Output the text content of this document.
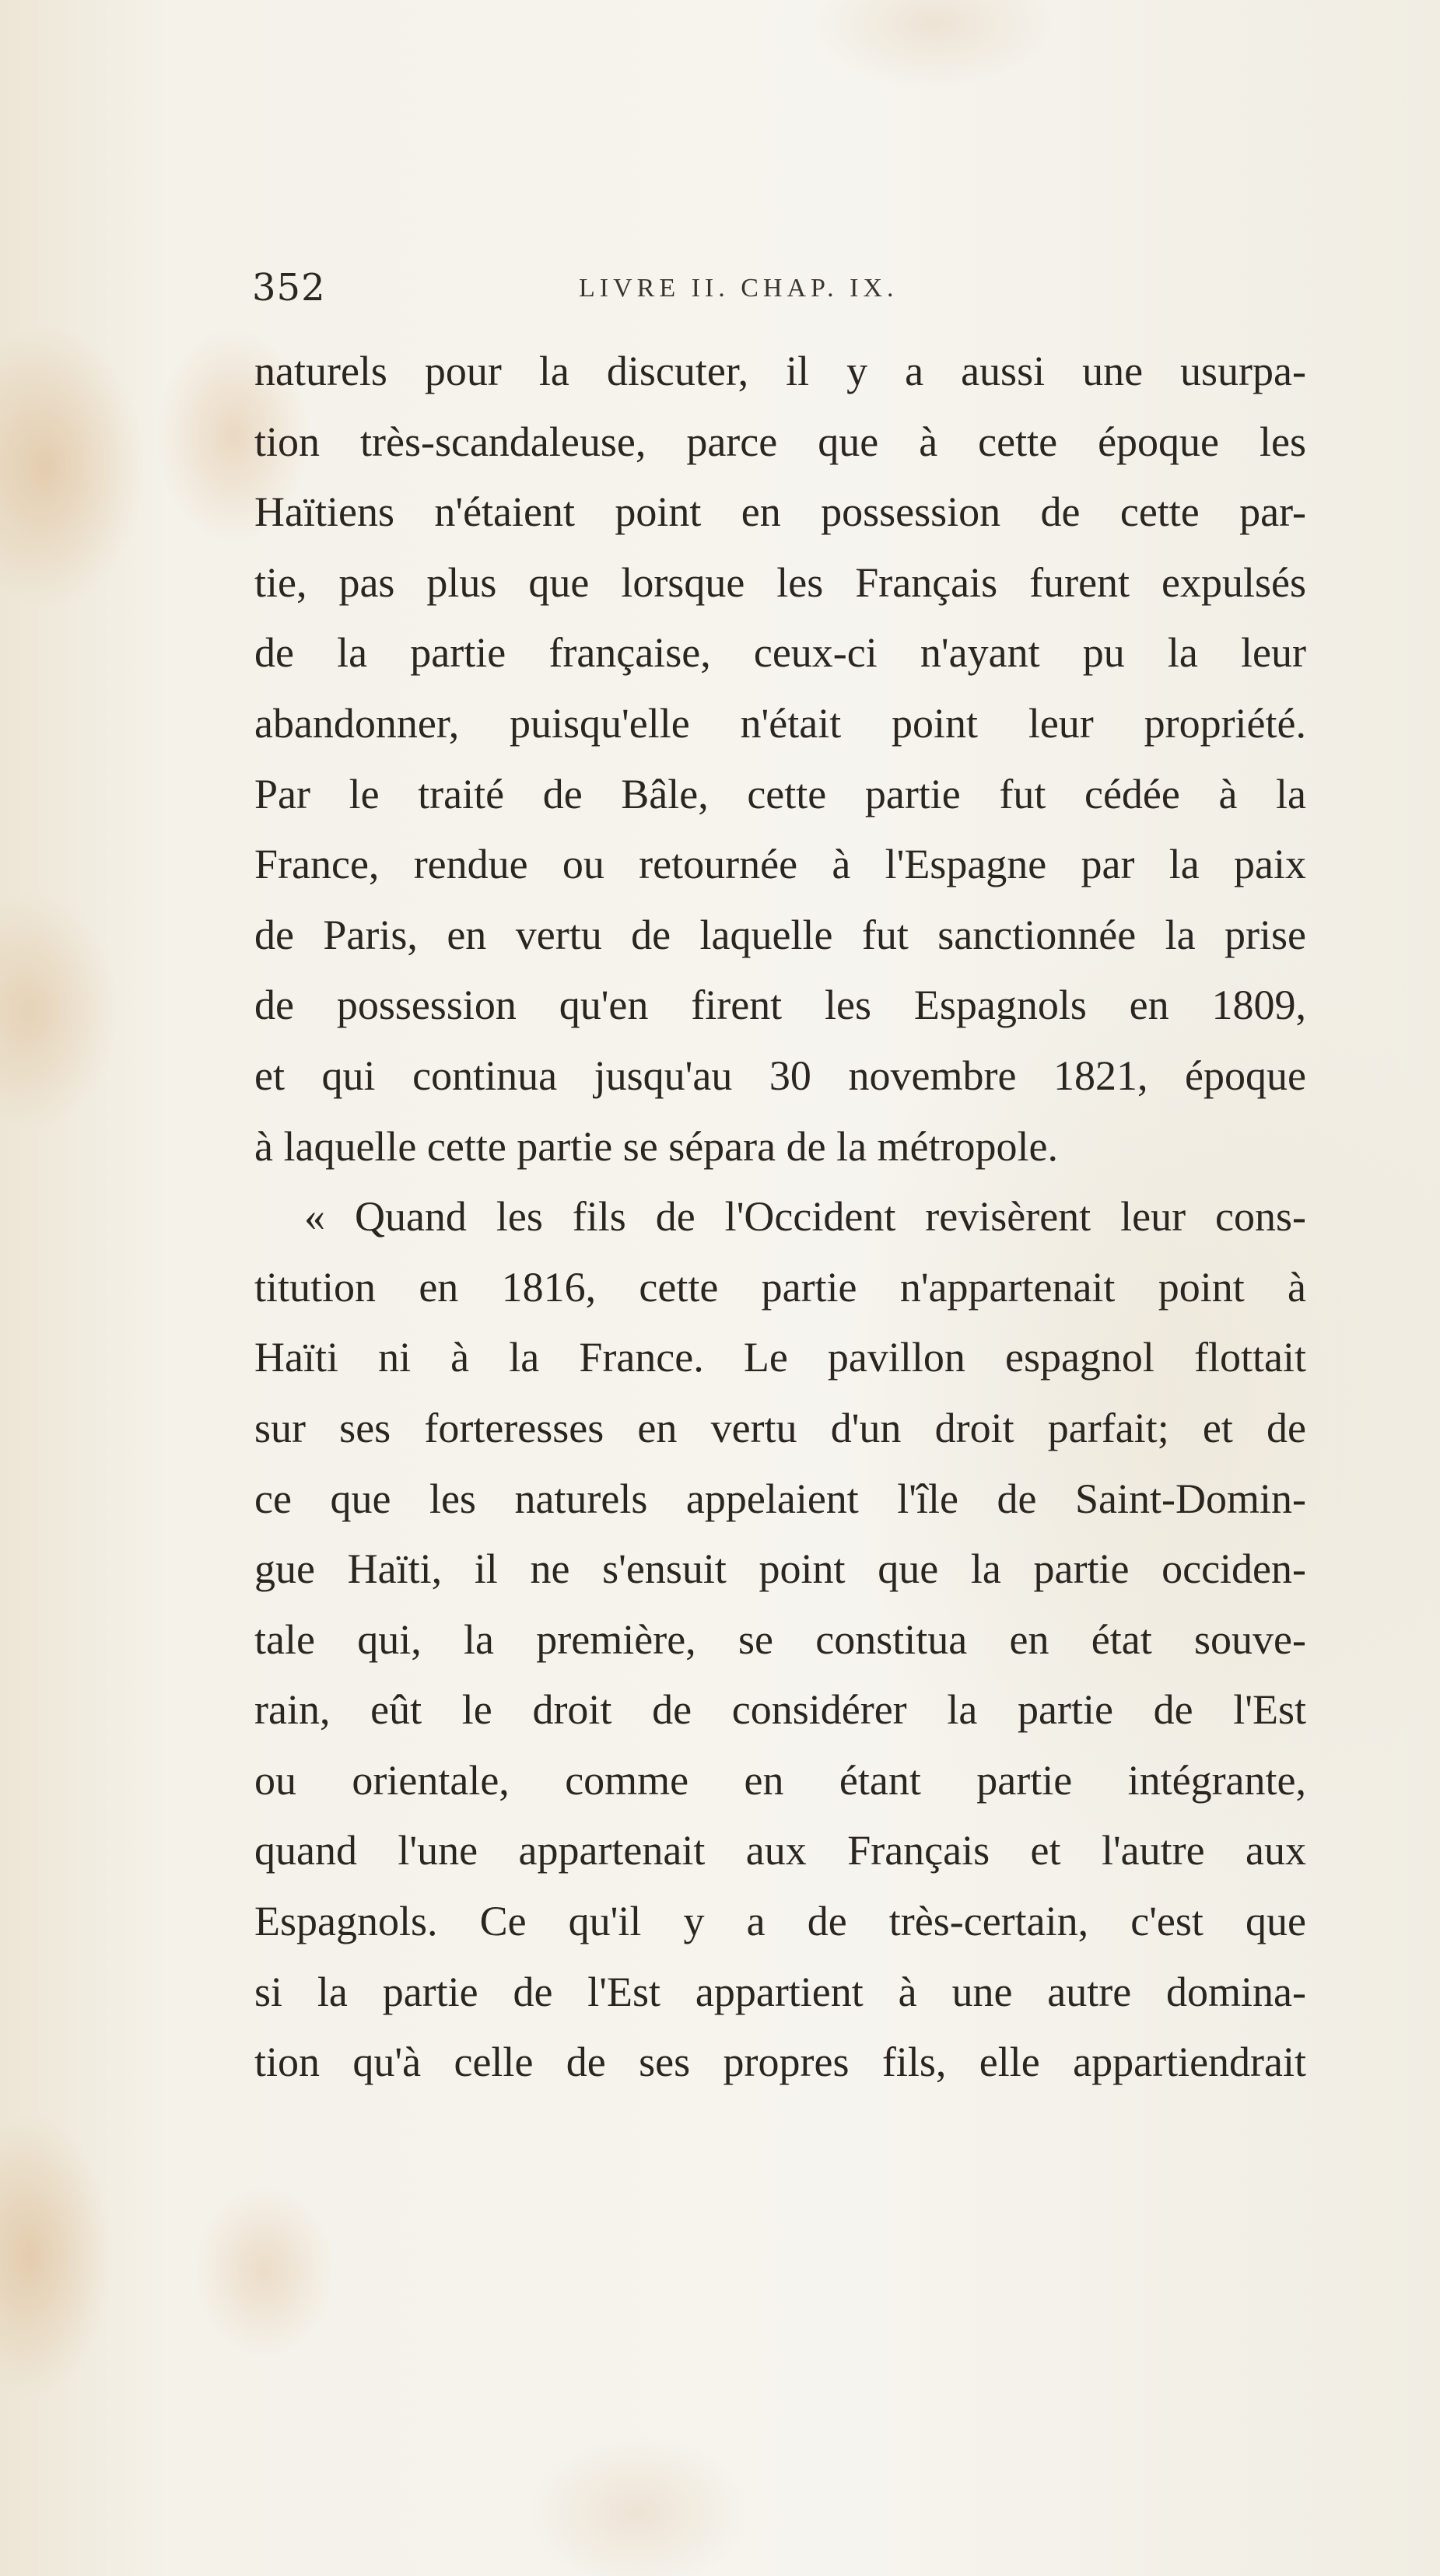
352	LIVRE II. CHAP. IX.
naturels pour la discuter, il y a aussi une usurpa-
tion très-scandaleuse, parce que à cette époque les
Haïtiens n'étaient point en possession de cette par-
tie, pas plus que lorsque les Français furent expulsés
de la partie française, ceux-ci n'ayant pu la leur
abandonner, puisqu'elle n'était point leur propriété.
Par le traité de Bâle, cette partie fut cédée à la
France, rendue ou retournée à l'Espagne par la paix
de Paris, en vertu de laquelle fut sanctionnée la prise
de possession qu'en firent les Espagnols en 1809,
et qui continua jusqu'au 30 novembre 1821, époque
à laquelle cette partie se sépara de la métropole.
« Quand les fils de l'Occident revisèrent leur cons-
titution en 1816, cette partie n'appartenait point à
Haïti ni à la France. Le pavillon espagnol flottait
sur ses forteresses en vertu d'un droit parfait; et de
ce que les naturels appelaient l'île de Saint-Domin-
gue Haïti, il ne s'ensuit point que la partie occiden-
tale qui, la première, se constitua en état souve-
rain, eût le droit de considérer la partie de l'Est
ou orientale, comme en étant partie intégrante,
quand l'une appartenait aux Français et l'autre aux
Espagnols. Ce qu'il y a de très-certain, c'est que
si la partie de l'Est appartient à une autre domina-
tion qu'à celle de ses propres fils, elle appartiendrait
